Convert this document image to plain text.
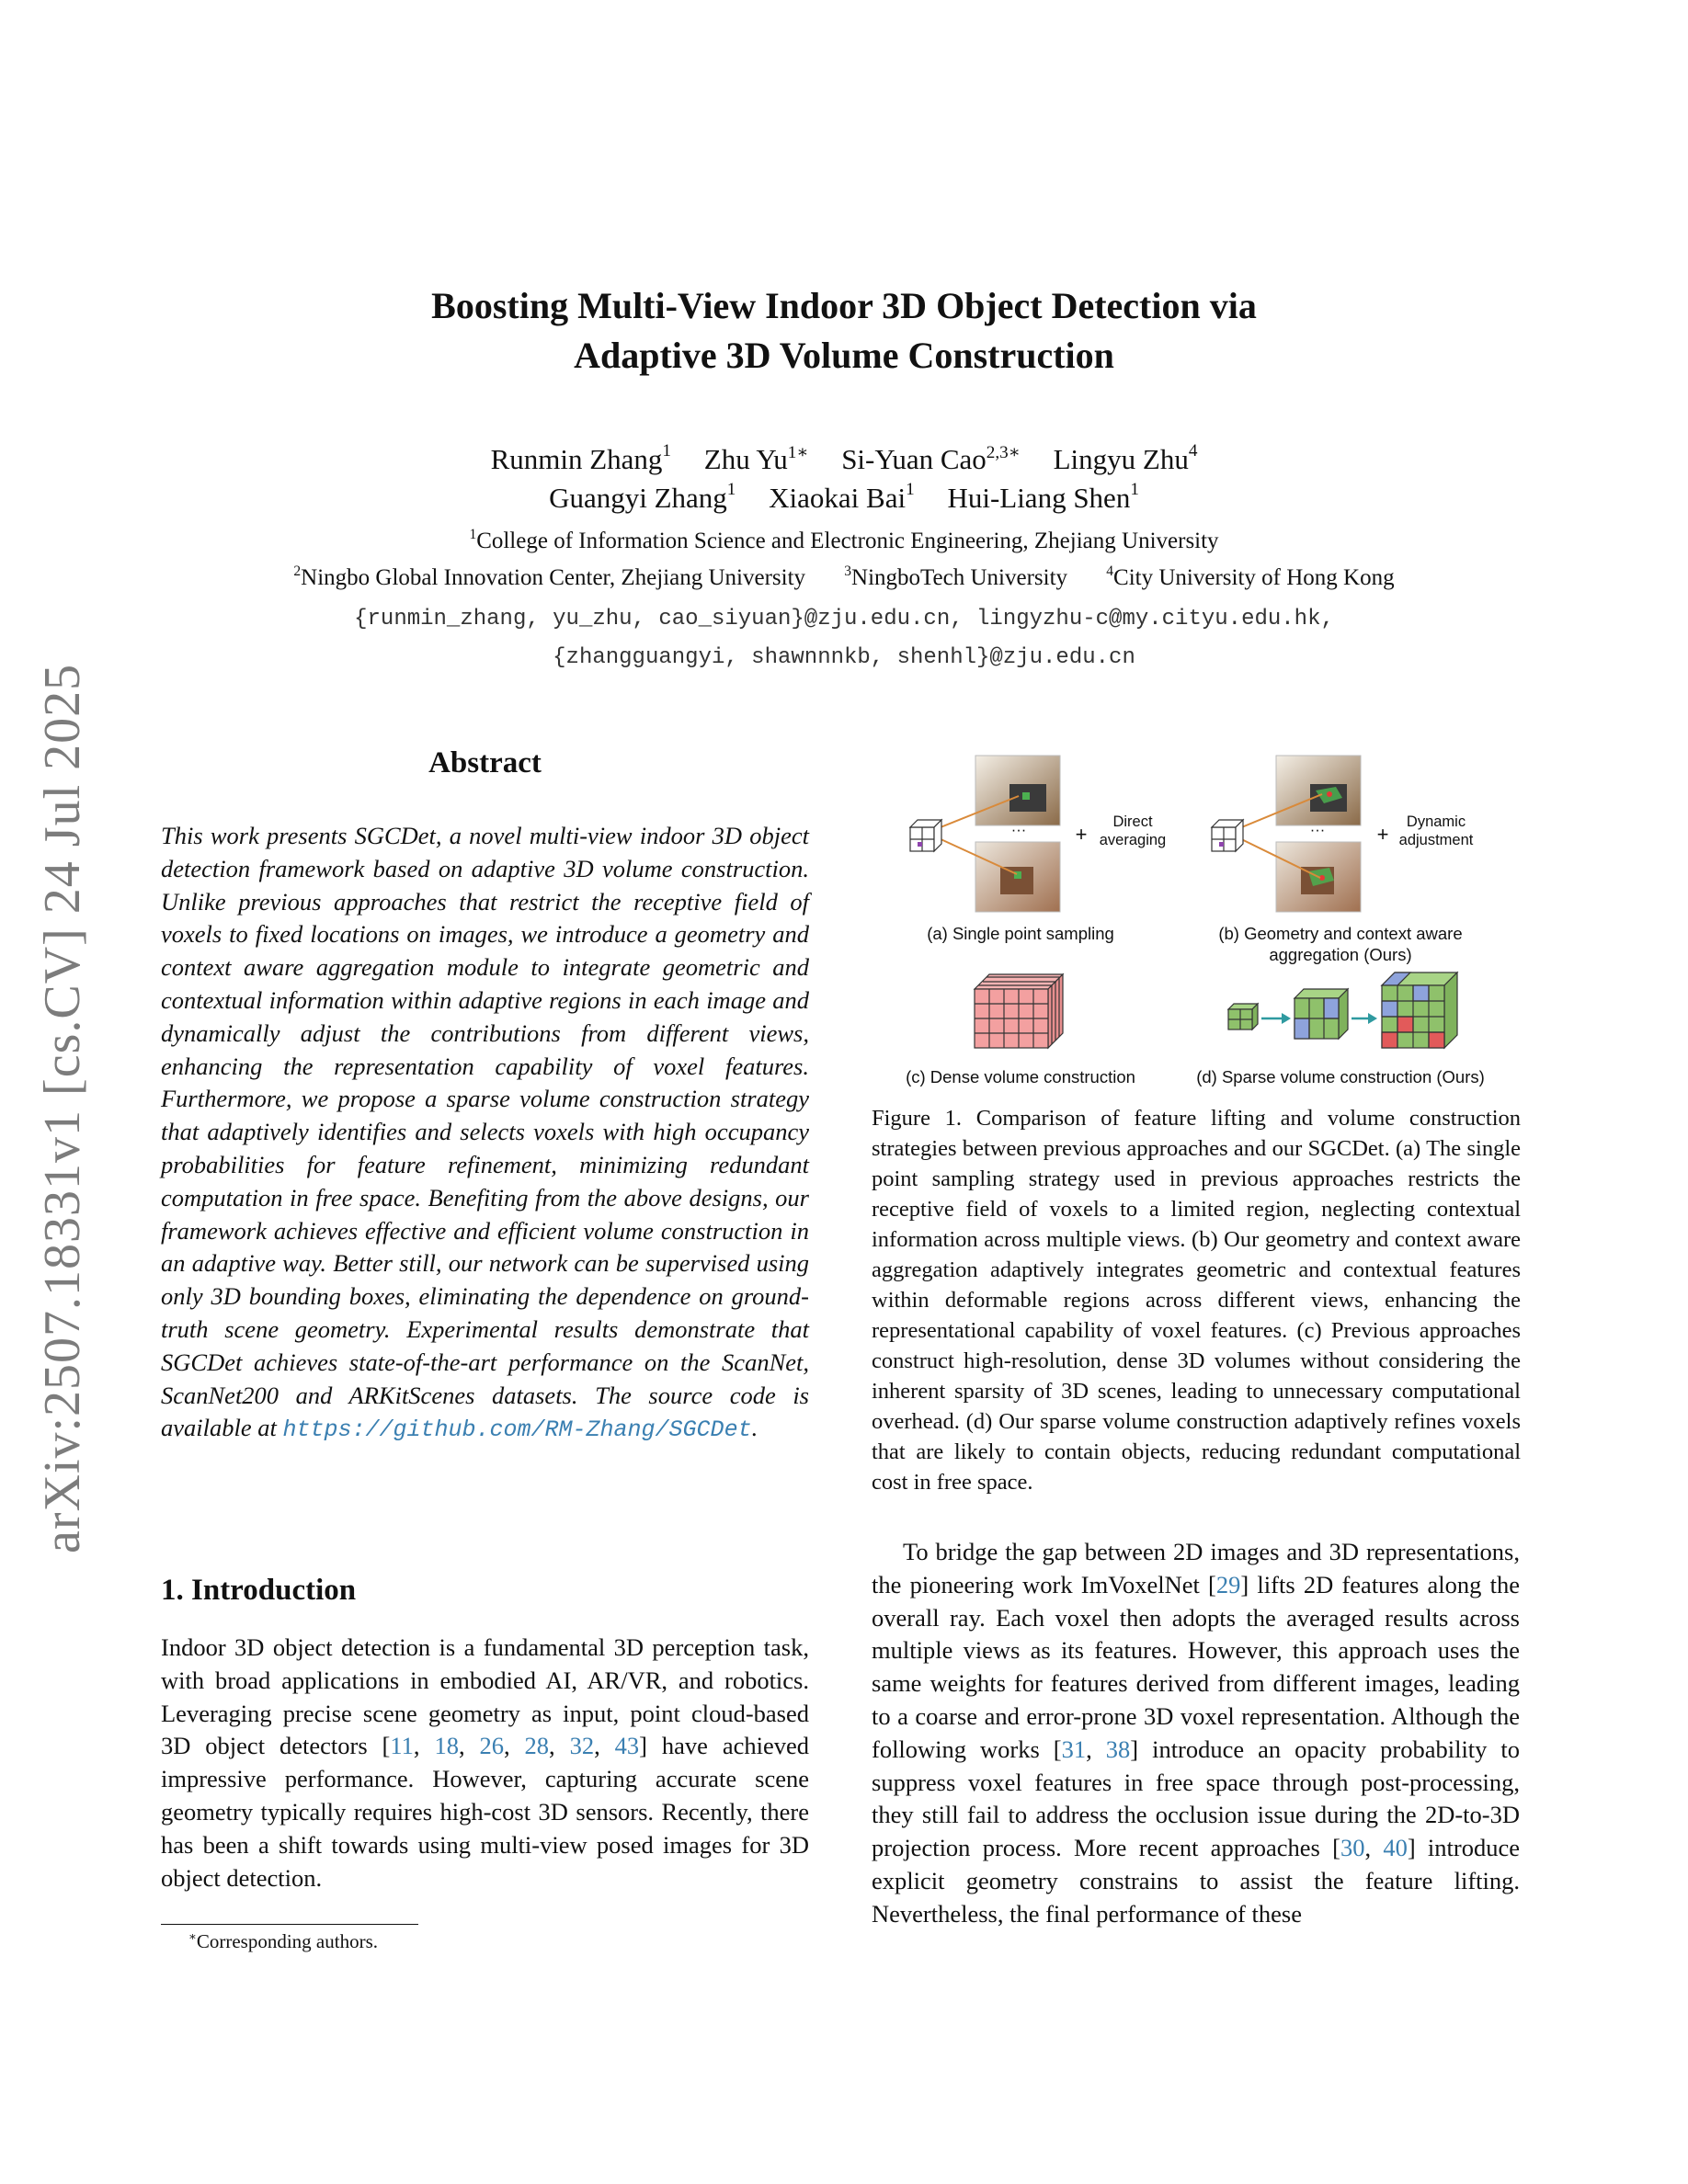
arXiv:2507.18331v1 [cs.CV] 24 Jul 2025
Boosting Multi-View Indoor 3D Object Detection via
Adaptive 3D Volume Construction
Runmin Zhang$^1$ Zhu $Yu^{1∗}$ Si-Yuan Cao$^{2,3∗}$ Lingyu Zhu$^4$
Guangyi Zhang$^1$ Xiaokai Bai$^1$ Hui-Liang Shen$^1$
$^1$College of Information Science and Electronic Engineering, Zhejiang University
$^2$Ningbo Global Innovation Center, Zhejiang University	$^3$NingboTech University	$^4$City University of Hong Kong
{runmin_zhang, yu_zhu, cao_siyuan}@zju.edu.cn, lingyzhu-c@my.cityu.edu.hk,
{zhangguangyi, shawnnnkb, shenhl}@zju.edu.cn
Abstract
This work presents SGCDet, a novel multi-view indoor 3D object detection framework based on adaptive 3D volume construction. Unlike previous approaches that restrict the receptive field of voxels to fixed locations on images, we introduce a geometry and context aware aggregation module to integrate geometric and contextual information within adaptive regions in each image and dynamically adjust the contributions from different views, enhancing the representation capability of voxel features. Furthermore, we propose a sparse volume construction strategy that adaptively identifies and selects voxels with high occupancy probabilities for feature refinement, minimizing redundant computation in free space. Benefiting from the above designs, our framework achieves effective and efficient volume construction in an adaptive way. Better still, our network can be supervised using only 3D bounding boxes, eliminating the dependence on ground-truth scene geometry. Experimental results demonstrate that SGCDet achieves state-of-the-art performance on the ScanNet, ScanNet200 and ARKitScenes datasets. The source code is available at https://github.com/RM-Zhang/SGCDet.
1. Introduction
Indoor 3D object detection is a fundamental 3D perception task, with broad applications in embodied AI, AR/VR, and robotics. Leveraging precise scene geometry as input, point cloud-based 3D object detectors [11, 18, 26, 28, 32, 43] have achieved impressive performance. However, capturing accurate scene geometry typically requires high-cost 3D sensors. Recently, there has been a shift towards using multi-view posed images for 3D object detection.
∗Corresponding authors.
···	···
+	+
Direct averaging
Dynamic adjustment
(a) Single point sampling	(b) Geometry and context aware aggregation (Ours)
(c) Dense volume construction	(d) Sparse volume construction (Ours)
Figure 1. Comparison of feature lifting and volume construction strategies between previous approaches and our SGCDet. (a) The single point sampling strategy used in previous approaches restricts the receptive field of voxels to a limited region, neglecting contextual information across multiple views. (b) Our geometry and context aware aggregation adaptively integrates geometric and contextual features within deformable regions across different views, enhancing the representational capability of voxel features. (c) Previous approaches construct high-resolution, dense 3D volumes without considering the inherent sparsity of 3D scenes, leading to unnecessary computational overhead. (d) Our sparse volume construction adaptively refines voxels that are likely to contain objects, reducing redundant computational cost in free space.
To bridge the gap between 2D images and 3D representations, the pioneering work ImVoxelNet [29] lifts 2D features along the overall ray. Each voxel then adopts the averaged results across multiple views as its features. However, this approach uses the same weights for features derived from different images, leading to a coarse and error-prone 3D voxel representation. Although the following works [31, 38] introduce an opacity probability to suppress voxel features in free space through post-processing, they still fail to address the occlusion issue during the 2D-to-3D projection process. More recent approaches [30, 40] introduce explicit geometry constrains to assist the feature lifting. Nevertheless, the final performance of these
